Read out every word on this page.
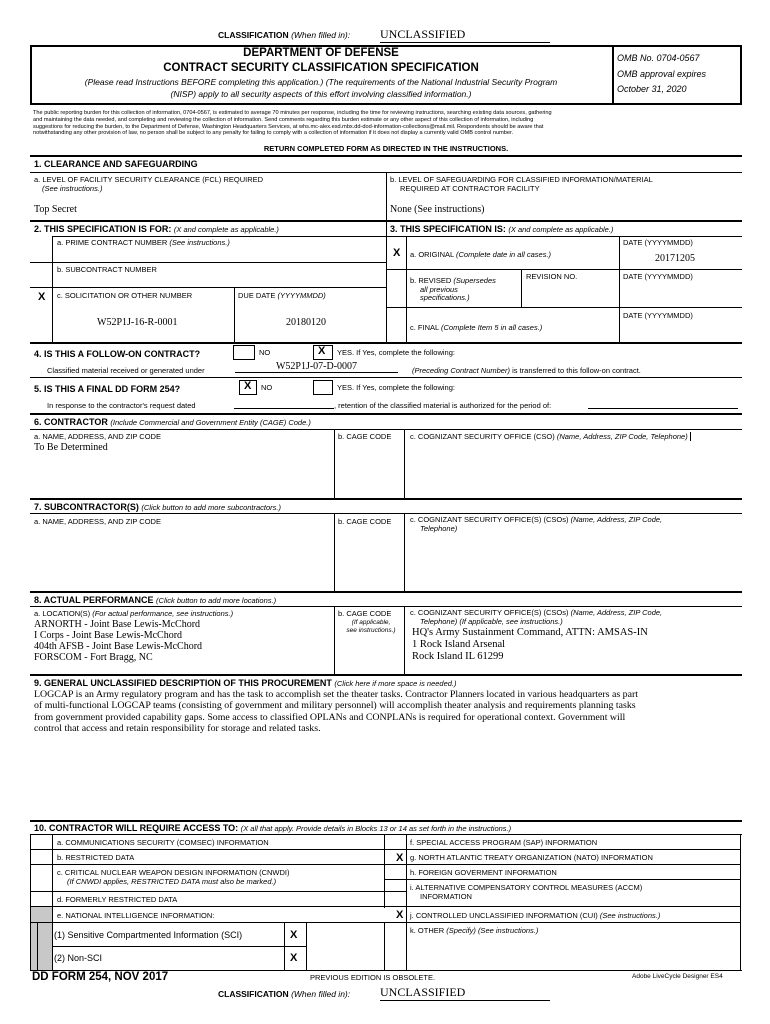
CLASSIFICATION (When filled in): UNCLASSIFIED
DEPARTMENT OF DEFENSE
CONTRACT SECURITY CLASSIFICATION SPECIFICATION
(Please read Instructions BEFORE completing this application.) (The requirements of the National Industrial Security Program
(NISP) apply to all security aspects of this effort involving classified information.)
OMB No. 0704-0567
OMB approval expires
October 31, 2020
The public reporting burden for this collection of information, 0704-0567, is estimated to average 70 minutes per response, including the time for reviewing instructions, searching existing data sources, gathering
and maintaining the data needed, and completing and reviewing the collection of information. Send comments regarding this burden estimate or any other aspect of this collection of information, including
suggestions for reducing the burden, to the Department of Defense, Washington Headquarters Services, at whs.mc-alex.esd.mbx.dd-dod-information-collections@mail.mil. Respondents should be aware that
notwithstanding any other provision of law, no person shall be subject to any penalty for failing to comply with a collection of information if it does not display a currently valid OMB control number.
RETURN COMPLETED FORM AS DIRECTED IN THE INSTRUCTIONS.
1. CLEARANCE AND SAFEGUARDING
a. LEVEL OF FACILITY SECURITY CLEARANCE (FCL) REQUIRED
(See instructions.)
Top Secret
b. LEVEL OF SAFEGUARDING FOR CLASSIFIED INFORMATION/MATERIAL
REQUIRED AT CONTRACTOR FACILITY
None (See instructions)
2. THIS SPECIFICATION IS FOR: (X and complete as applicable.)	3. THIS SPECIFICATION IS: (X and complete as applicable.)
a. PRIME CONTRACT NUMBER (See instructions.)
b. SUBCONTRACT NUMBER
X c. SOLICITATION OR OTHER NUMBER	DUE DATE (YYYYMMDD)
W52P1J-16-R-0001	20180120
DATE (YYYYMMDD)
X a. ORIGINAL (Complete date in all cases.)	20171205
DATE (YYYYMMDD)
REVISION NO.
b. REVISED (Supersedes
all previous
specifications.)
DATE (YYYYMMDD)
c. FINAL (Complete Item 5 in all cases.)
4. IS THIS A FOLLOW-ON CONTRACT?	NO	X YES. If Yes, complete the following:
Classified material received or generated under	W52P1J-07-D-0007	(Preceding Contract Number) is transferred to this follow-on contract.
5. IS THIS A FINAL DD FORM 254?	X NO	YES. If Yes, complete the following:
In response to the contractor's request dated	, retention of the classified material is authorized for the period of:
6. CONTRACTOR (Include Commercial and Government Entity (CAGE) Code.)
a. NAME, ADDRESS, AND ZIP CODE
To Be Determined
b. CAGE CODE c. COGNIZANT SECURITY OFFICE (CSO) (Name, Address, ZIP Code, Telephone)
7. SUBCONTRACTOR(S) (Click button to add more subcontractors.)
a. NAME, ADDRESS, AND ZIP CODE	b. CAGE CODE c. COGNIZANT SECURITY OFFICE(S) (CSOs) (Name, Address, ZIP Code,
Telephone)
8. ACTUAL PERFORMANCE (Click button to add more locations.)
a. LOCATION(S) (For actual performance, see instructions.)
ARNORTH - Joint Base Lewis-McChord
I Corps - Joint Base Lewis-McChord
404th AFSB - Joint Base Lewis-McChord
FORSCOM - Fort Bragg, NC
b. CAGE CODE
(If applicable,
see instructions.)
c. COGNIZANT SECURITY OFFICE(S) (CSOs) (Name, Address, ZIP Code,
Telephone) (If applicable, see instructions.)
HQ's Army Sustainment Command, ATTN: AMSAS-IN
1 Rock Island Arsenal
Rock Island IL 61299
9. GENERAL UNCLASSIFIED DESCRIPTION OF THIS PROCUREMENT (Click here if more space is needed.)
LOGCAP is an Army regulatory program and has the task to accomplish set the theater tasks. Contractor Planners located in various headquarters as part
of multi-functional LOGCAP teams (consisting of government and military personnel) will accomplish theater analysis and requirements planning tasks
from government provided capability gaps. Some access to classified OPLANs and CONPLANs is required for operational context. Government will
control that access and retain responsibility for storage and related tasks.
10. CONTRACTOR WILL REQUIRE ACCESS TO: (X all that apply. Provide details in Blocks 13 or 14 as set forth in the instructions.)
a. COMMUNICATIONS SECURITY (COMSEC) INFORMATION
b. RESTRICTED DATA
c. CRITICAL NUCLEAR WEAPON DESIGN INFORMATION (CNWDI)
(If CNWDI applies, RESTRICTED DATA must also be marked.)
d. FORMERLY RESTRICTED DATA
e. NATIONAL INTELLIGENCE INFORMATION:
(1) Sensitive Compartmented Information (SCI)	X
(2) Non-SCI	X
f. SPECIAL ACCESS PROGRAM (SAP) INFORMATION
X g. NORTH ATLANTIC TREATY ORGANIZATION (NATO) INFORMATION
h. FOREIGN GOVERMENT INFORMATION
i. ALTERNATIVE COMPENSATORY CONTROL MEASURES (ACCM)
INFORMATION
X j. CONTROLLED UNCLASSIFIED INFORMATION (CUI) (See instructions.)
k. OTHER (Specify) (See instructions.)
DD FORM 254, NOV 2017	PREVIOUS EDITION IS OBSOLETE.	Adobe LiveCycle Designer ES4
CLASSIFICATION (When filled in): UNCLASSIFIED
